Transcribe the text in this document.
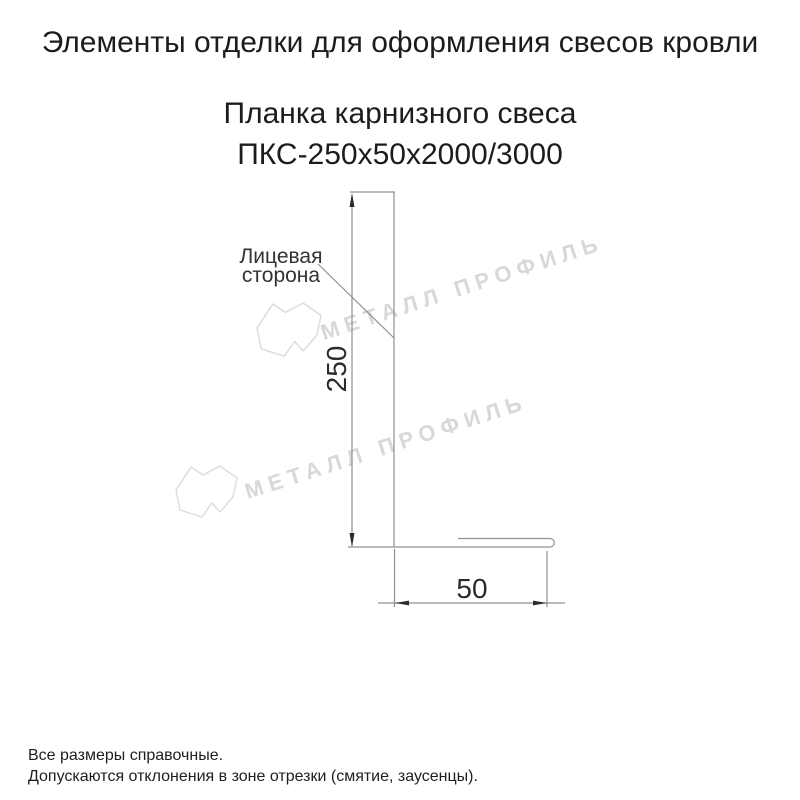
Элементы отделки для оформления свесов кровли
Планка карнизного свеса
ПКС-250х50х2000/3000
МЕТАЛЛ ПРОФИЛЬ
МЕТАЛЛ ПРОФИЛЬ
250
50
Лицевая
сторона
Все размеры справочные.
Допускаются отклонения в зоне отрезки (смятие, заусенцы).
